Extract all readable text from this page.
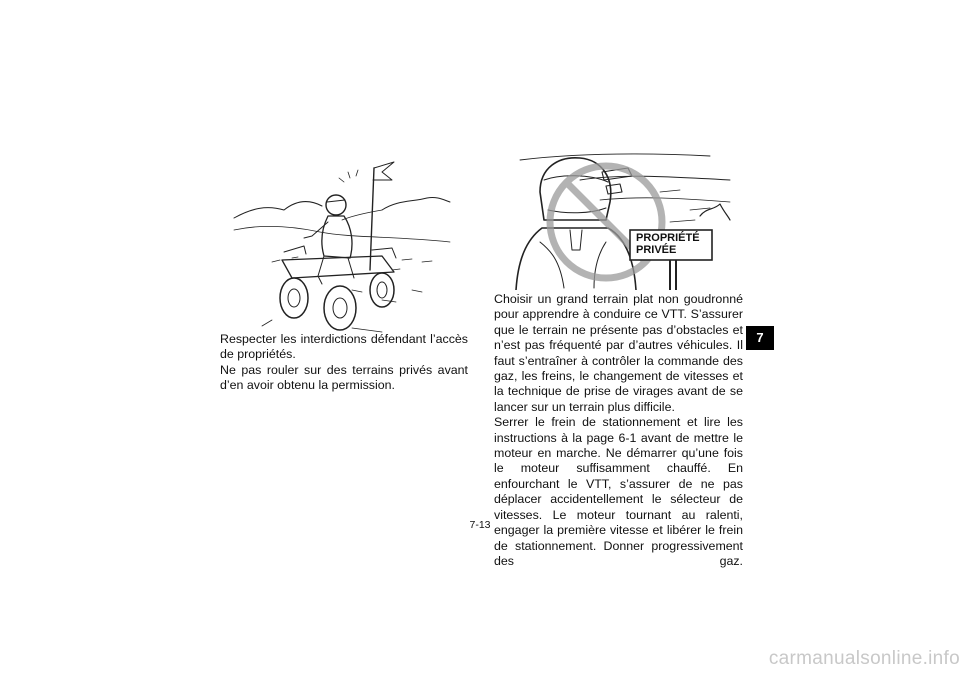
PROPRIÉTÉ
PRIVÉE

Respecter les interdictions défendant l’accès de propriétés.

Ne pas rouler sur des terrains privés avant d’en avoir obtenu la permission.

Choisir un grand terrain plat non goudronné pour apprendre à conduire ce VTT. S’assurer que le terrain ne présente pas d’obstacles et n’est pas fréquenté par d’autres véhicules. Il faut s’entraîner à contrôler la commande des gaz, les freins, le changement de vitesses et la technique de prise de virages avant de se lancer sur un terrain plus difficile.

Serrer le frein de stationnement et lire les instructions à la page 6-1 avant de mettre le moteur en marche. Ne démarrer qu’une fois le moteur suffisamment chauffé. En enfourchant le VTT, s’assurer de ne pas déplacer accidentellement le sélecteur de vitesses. Le moteur tournant au ralenti, engager la première vitesse et libérer le frein de stationnement. Donner progressivement des gaz.

7-13
7
carmanualsonline.info
